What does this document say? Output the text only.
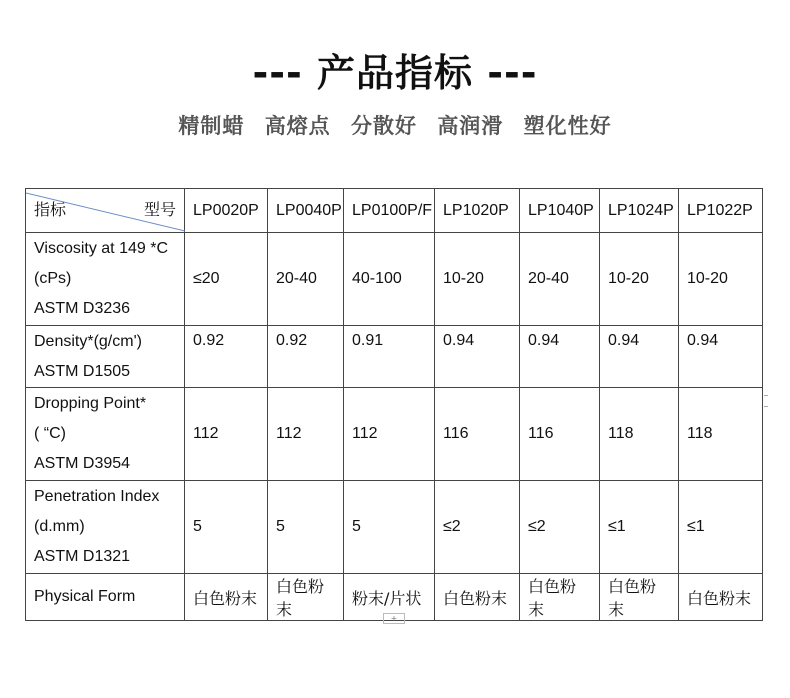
--- 产品指标 ---
精制蜡 高熔点 分散好 高润滑 塑化性好
指标 型号	LP0020P	LP0040P	LP0100P/F	LP1020P	LP1040P	LP1024P	LP1022P

Viscosity at 149 *C
(cPs)
ASTM D3236	≤20	20-40	40-100	10-20	20-40	10-20	10-20

Density*(g/cm')
ASTM D1505	0.92	0.92	0.91	0.94	0.94	0.94	0.94

Dropping Point*
( “C)
ASTM D3954	112	112	112	116	116	118	118

Penetration Index
(d.mm)
ASTM D1321	5	5	5	≤2	≤2	≤1	≤1

Physical Form	白色粉末	白色粉末	粉末/片状	白色粉末	白色粉末	白色粉末	白色粉末
+
